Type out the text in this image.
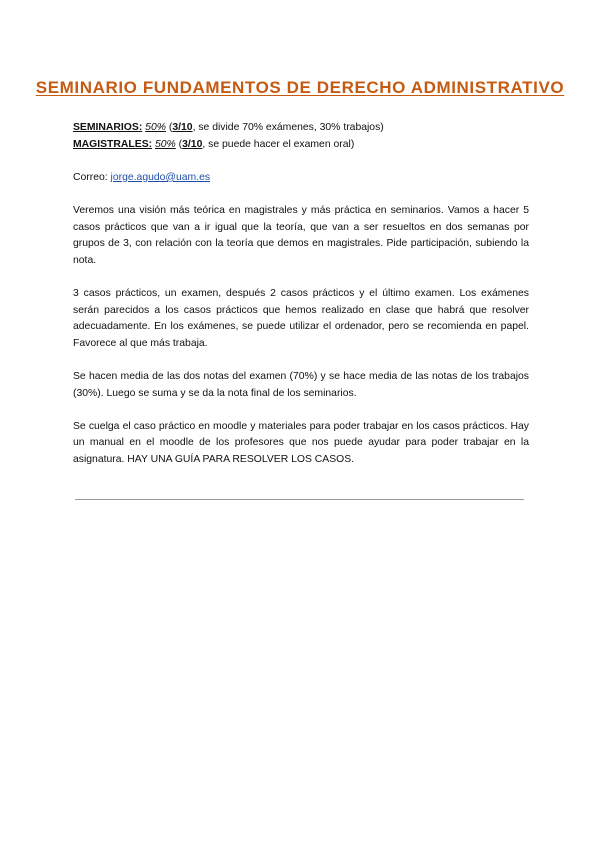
SEMINARIO FUNDAMENTOS DE DERECHO ADMINISTRATIVO
SEMINARIOS: 50% (3/10, se divide 70% exámenes, 30% trabajos)
MAGISTRALES: 50% (3/10, se puede hacer el examen oral)
Correo: jorge.agudo@uam.es

Veremos una visión más teórica en magistrales y más práctica en seminarios. Vamos a hacer 5 casos prácticos que van a ir igual que la teoría, que van a ser resueltos en dos semanas por grupos de 3, con relación con la teoría que demos en magistrales. Pide participación, subiendo la nota.

3 casos prácticos, un examen, después 2 casos prácticos y el último examen. Los exámenes serán parecidos a los casos prácticos que hemos realizado en clase que habrá que resolver adecuadamente. En los exámenes, se puede utilizar el ordenador, pero se recomienda en papel. Favorece al que más trabaja.

Se hacen media de las dos notas del examen (70%) y se hace media de las notas de los trabajos (30%). Luego se suma y se da la nota final de los seminarios.

Se cuelga el caso práctico en moodle y materiales para poder trabajar en los casos prácticos. Hay un manual en el moodle de los profesores que nos puede ayudar para poder trabajar en la asignatura. HAY UNA GUÍA PARA RESOLVER LOS CASOS.
